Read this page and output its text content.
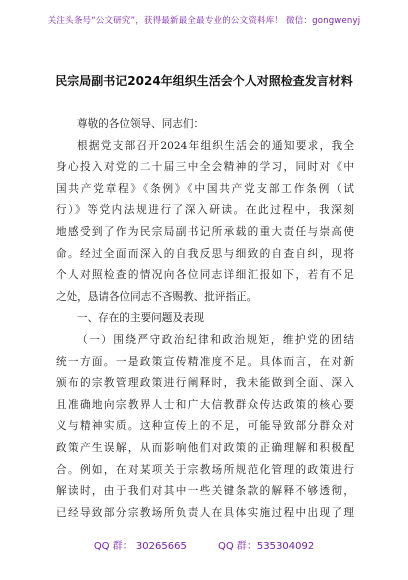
关注头条号“公文研究”，获得最新最全最专业的公文资料库！ 微信：gongwenyj
民宗局副书记2024年组织生活会个人对照检查发言材料
尊敬的各位领导、同志们：
根据党支部召开2024年组织生活会的通知要求，我全
身心投入对党的二十届三中全会精神的学习，同时对《中
国共产党章程》《条例》《中国共产党支部工作条例（试
行）》等党内法规进行了深入研读。在此过程中，我深刻
地感受到了作为民宗局副书记所承载的重大责任与崇高使
命。经过全面而深入的自我反思与细致的自查自纠，现将
个人对照检查的情况向各位同志详细汇报如下，若有不足
之处，恳请各位同志不吝赐教、批评指正。
一、存在的主要问题及表现
（一）围绕严守政治纪律和政治规矩，维护党的团结
统一方面。一是政策宣传精准度不足。具体而言，在对新
颁布的宗教管理政策进行阐释时，我未能做到全面、深入
且准确地向宗教界人士和广大信教群众传达政策的核心要
义与精神实质。这种宣传上的不足，可能导致部分群众对
政策产生误解，从而影响他们对政策的正确理解和积极配
合。例如，在对某项关于宗教场所规范化管理的政策进行
解读时，由于我们对其中一些关键条款的解释不够透彻，
已经导致部分宗教场所负责人在具体实施过程中出现了理
QQ 群： 30265665	QQ 群：535304092
